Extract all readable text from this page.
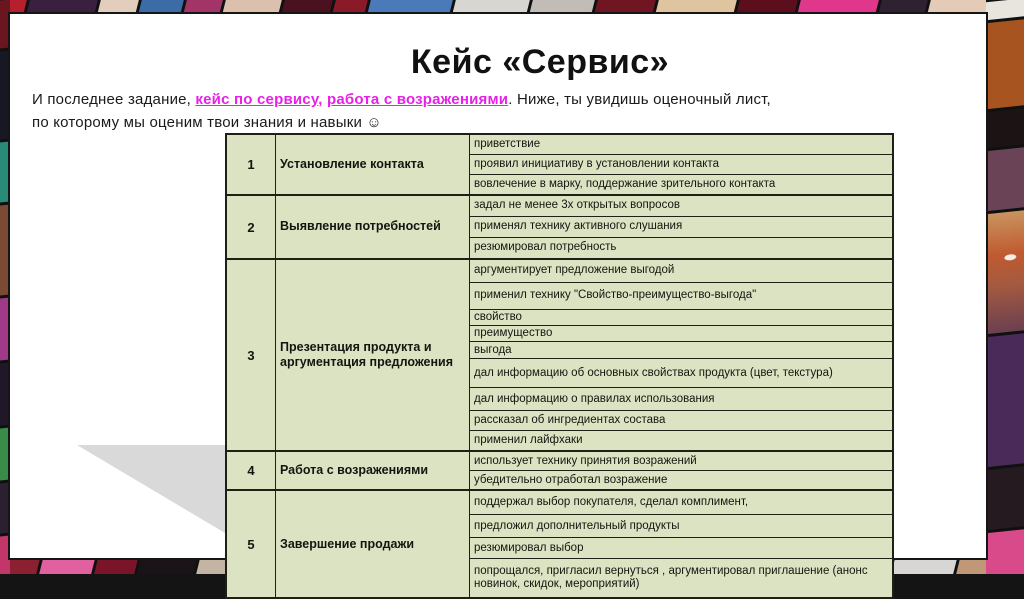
Кейс «Сервис»
И последнее задание, кейс по сервису, работа с возражениями. Ниже, ты увидишь оценочный лист,
по которому мы оценим твои знания и навыки ☺
1	Установление контакта	приветствие
		проявил инициативу в установлении контакта
		вовлечение в марку, поддержание зрительного контакта
2	Выявление потребностей	задал не менее 3х открытых вопросов
		применял технику активного слушания
		резюмировал потребность
3	Презентация продукта и аргументация предложения	аргументирует предложение выгодой
		применил технику "Свойство-преимущество-выгода"
		свойство
		преимущество
		выгода
		дал информацию об основных свойствах продукта (цвет, текстура)
		дал информацию о правилах использования
		рассказал об ингредиентах состава
		применил лайфхаки
4	Работа с возражениями	использует технику принятия возражений
		убедительно отработал возражение
5	Завершение продажи	поддержал выбор покупателя, сделал комплимент,
		предложил дополнительный продукты
		резюмировал выбор
		попрощался, пригласил вернуться , аргументировал приглашение (анонс новинок, скидок, мероприятий)
